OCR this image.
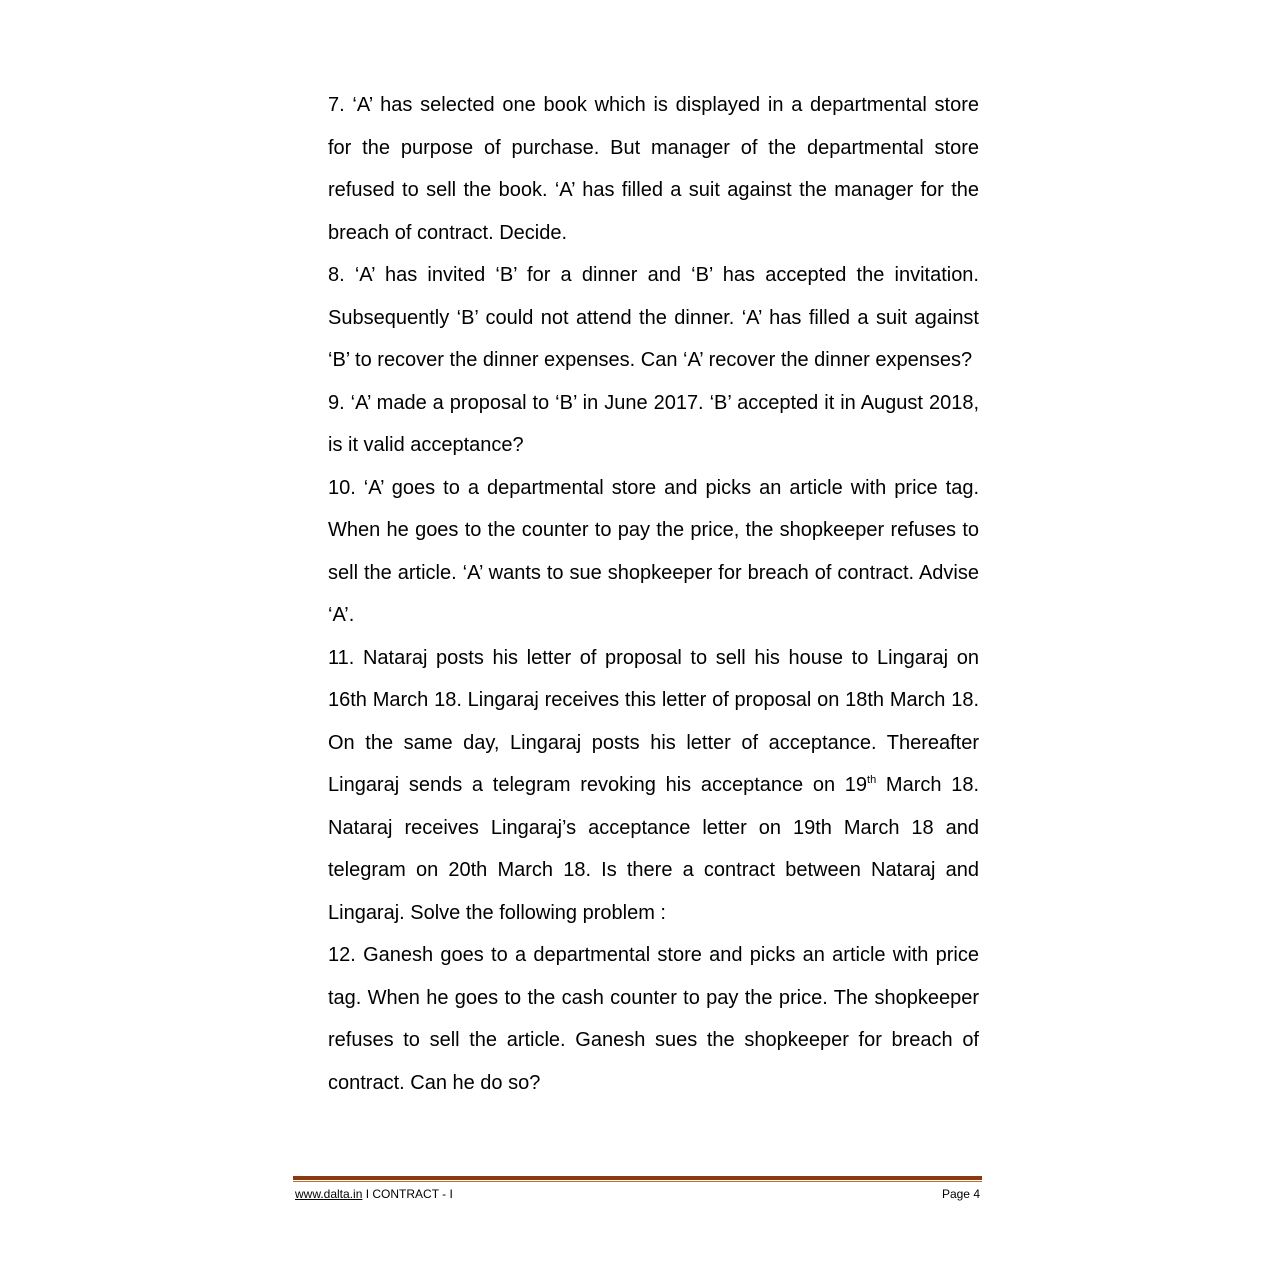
7. ‘A’ has selected one book which is displayed in a departmental store for the purpose of purchase. But manager of the departmental store refused to sell the book. ‘A’ has filled a suit against the manager for the breach of contract. Decide.

8. ‘A’ has invited ‘B’ for a dinner and ‘B’ has accepted the invitation. Subsequently ‘B’ could not attend the dinner. ‘A’ has filled a suit against ‘B’ to recover the dinner expenses. Can ‘A’ recover the dinner expenses?

9. ‘A’ made a proposal to ‘B’ in June 2017. ‘B’ accepted it in August 2018, is it valid acceptance?

10. ‘A’ goes to a departmental store and picks an article with price tag. When he goes to the counter to pay the price, the shopkeeper refuses to sell the article. ‘A’ wants to sue shopkeeper for breach of contract. Advise ‘A’.

11. Nataraj posts his letter of proposal to sell his house to Lingaraj on 16th March 18. Lingaraj receives this letter of proposal on 18th March 18. On the same day, Lingaraj posts his letter of acceptance. Thereafter Lingaraj sends a telegram revoking his acceptance on 19th March 18. Nataraj receives Lingaraj’s acceptance letter on 19th March 18 and telegram on 20th March 18. Is there a contract between Nataraj and Lingaraj. Solve the following problem :

12. Ganesh goes to a departmental store and picks an article with price tag. When he goes to the cash counter to pay the price. The shopkeeper refuses to sell the article. Ganesh sues the shopkeeper for breach of contract. Can he do so?

www.dalta.in I CONTRACT - I	Page 4
